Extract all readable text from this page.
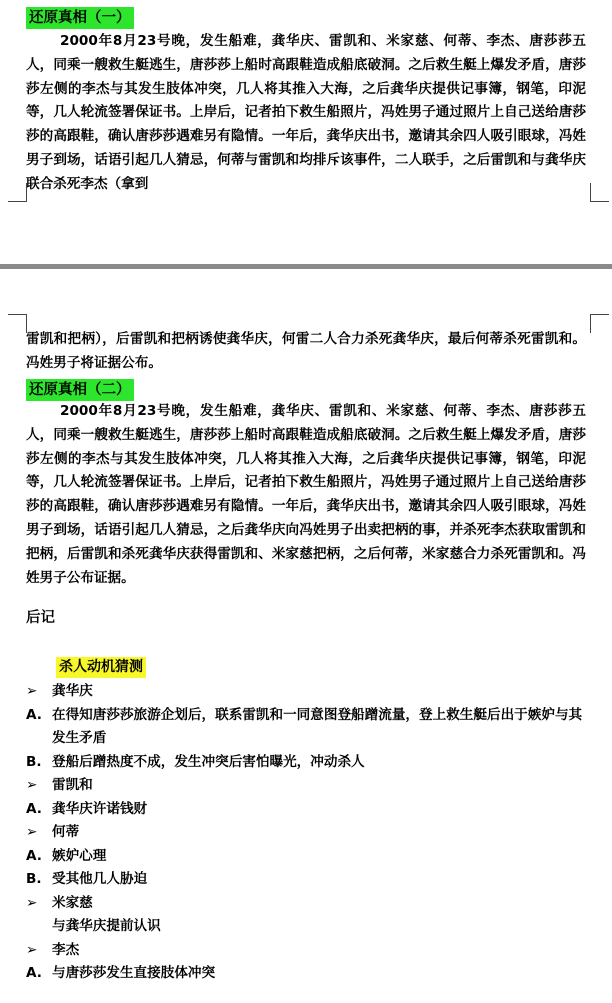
还原真相（一）

2000年8月23号晚，发生船难，龚华庆、雷凯和、米家慈、何蒂、李杰、唐莎莎五人，同乘一艘救生艇逃生，唐莎莎上船时高跟鞋造成船底破洞。之后救生艇上爆发矛盾，唐莎莎左侧的李杰与其发生肢体冲突，几人将其推入大海，之后龚华庆提供记事簿，钢笔，印泥等，几人轮流签署保证书。上岸后，记者拍下救生船照片，冯姓男子通过照片上自己送给唐莎莎的高跟鞋，确认唐莎莎遇难另有隐情。一年后，龚华庆出书，邀请其余四人吸引眼球，冯姓男子到场，话语引起几人猜忌，何蒂与雷凯和均排斥该事件，二人联手，之后雷凯和与龚华庆联合杀死李杰（拿到

雷凯和把柄），后雷凯和把柄诱使龚华庆，何雷二人合力杀死龚华庆，最后何蒂杀死雷凯和。冯姓男子将证据公布。

还原真相（二）

2000年8月23号晚，发生船难，龚华庆、雷凯和、米家慈、何蒂、李杰、唐莎莎五人，同乘一艘救生艇逃生，唐莎莎上船时高跟鞋造成船底破洞。之后救生艇上爆发矛盾，唐莎莎左侧的李杰与其发生肢体冲突，几人将其推入大海，之后龚华庆提供记事簿，钢笔，印泥等，几人轮流签署保证书。上岸后，记者拍下救生船照片，冯姓男子通过照片上自己送给唐莎莎的高跟鞋，确认唐莎莎遇难另有隐情。一年后，龚华庆出书，邀请其余四人吸引眼球，冯姓男子到场，话语引起几人猜忌，之后龚华庆向冯姓男子出卖把柄的事，并杀死李杰获取雷凯和把柄，后雷凯和杀死龚华庆获得雷凯和、米家慈把柄，之后何蒂，米家慈合力杀死雷凯和。冯姓男子公布证据。

后记
杀人动机猜测
➢	龚华庆
A. 在得知唐莎莎旅游企划后，联系雷凯和一同意图登船蹭流量，登上救生艇后出于嫉妒与其发生矛盾
B. 登船后蹭热度不成，发生冲突后害怕曝光，冲动杀人
➢	雷凯和
A. 龚华庆许诺钱财
➢	何蒂
A. 嫉妒心理
B. 受其他几人胁迫
➢	米家慈
与龚华庆提前认识
➢	李杰
A. 与唐莎莎发生直接肢体冲突
